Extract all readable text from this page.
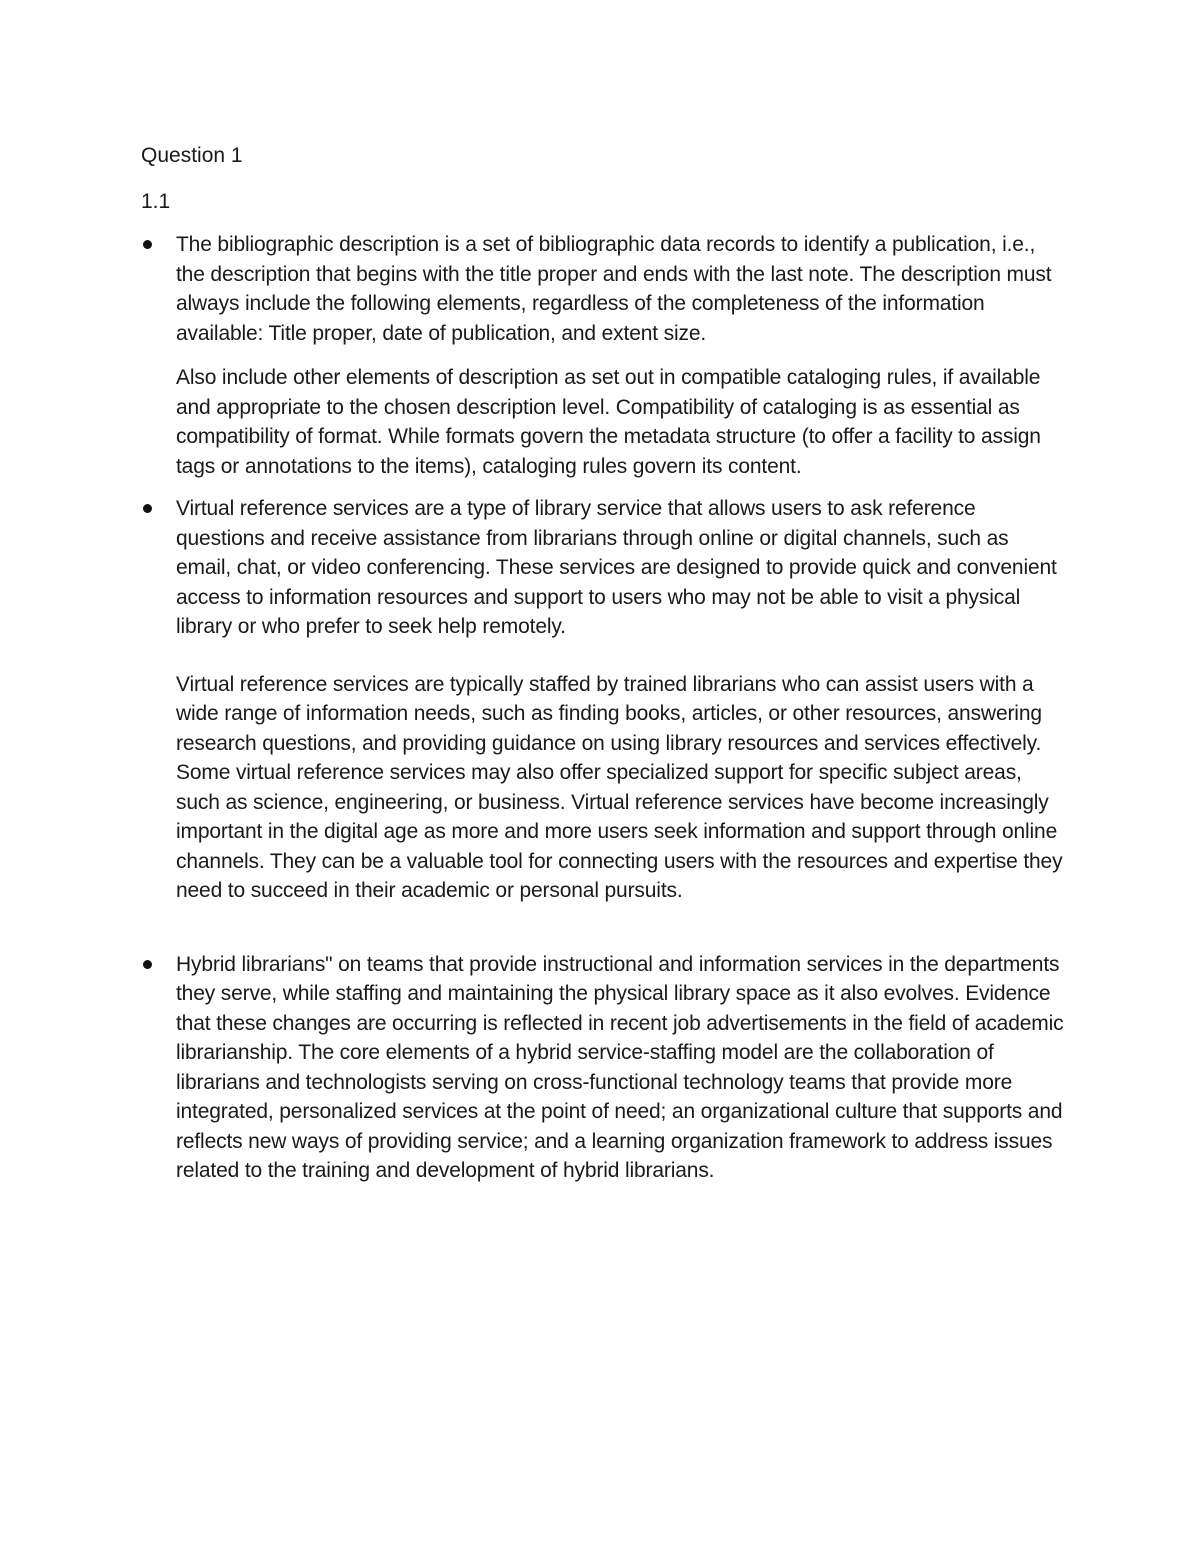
Question 1
1.1

The bibliographic description is a set of bibliographic data records to identify a publication, i.e., the description that begins with the title proper and ends with the last note. The description must always include the following elements, regardless of the completeness of the information available: Title proper, date of publication, and extent size.

Also include other elements of description as set out in compatible cataloging rules, if available and appropriate to the chosen description level. Compatibility of cataloging is as essential as compatibility of format. While formats govern the metadata structure (to offer a facility to assign tags or annotations to the items), cataloging rules govern its content.

Virtual reference services are a type of library service that allows users to ask reference questions and receive assistance from librarians through online or digital channels, such as email, chat, or video conferencing. These services are designed to provide quick and convenient access to information resources and support to users who may not be able to visit a physical library or who prefer to seek help remotely.

Virtual reference services are typically staffed by trained librarians who can assist users with a wide range of information needs, such as finding books, articles, or other resources, answering research questions, and providing guidance on using library resources and services effectively. Some virtual reference services may also offer specialized support for specific subject areas, such as science, engineering, or business. Virtual reference services have become increasingly important in the digital age as more and more users seek information and support through online channels. They can be a valuable tool for connecting users with the resources and expertise they need to succeed in their academic or personal pursuits.

Hybrid librarians" on teams that provide instructional and information services in the departments they serve, while staffing and maintaining the physical library space as it also evolves. Evidence that these changes are occurring is reflected in recent job advertisements in the field of academic librarianship. The core elements of a hybrid service-staffing model are the collaboration of librarians and technologists serving on cross-functional technology teams that provide more integrated, personalized services at the point of need; an organizational culture that supports and reflects new ways of providing service; and a learning organization framework to address issues related to the training and development of hybrid librarians.
